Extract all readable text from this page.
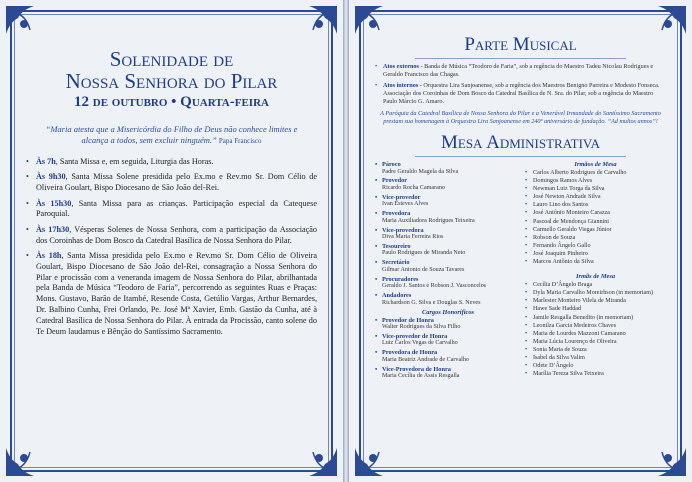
Solenidade de
Nossa Senhora do Pilar
12 de outubro • Quarta-feira
“Maria atesta que a Misericórdia do Filho de Deus não conhece limites e alcança a todos, sem excluir ninguém.” Papa Francisco
• Às 7h, Santa Missa e, em seguida, Liturgia das Horas.
• Às 9h30, Santa Missa Solene presidida pelo Ex.mo e Rev.mo Sr. Dom Célio de Oliveira Goulart, Bispo Diocesano de São João del-Rei.
• Às 15h30, Santa Missa para as crianças. Participação especial da Catequese Paroquial.
• Às 17h30, Vésperas Solenes de Nossa Senhora, com a participação da Associação dos Coroinhas de Dom Bosco da Catedral Basílica de Nossa Senhora do Pilar.
• Às 18h, Santa Missa presidida pelo Ex.mo e Rev.mo Sr. Dom Célio de Oliveira Goulart, Bispo Diocesano de São João del-Rei, consagração a Nossa Senhora do Pilar e procissão com a veneranda imagem de Nossa Senhora do Pilar, abrilhantada pela Banda de Música “Teodoro de Faria”, percorrendo as seguintes Ruas e Praças: Mons. Gustavo, Barão de Itambé, Resende Costa, Getúlio Vargas, Arthur Bernardes, Dr. Balbino Cunha, Frei Orlando, Pe. José Mª Xavier, Emb. Gastão da Cunha, até à Catedral Basílica de Nossa Senhora do Pilar. À entrada da Procissão, canto solene do Te Deum laudamus e Bênção do Santíssimo Sacramento.
Parte Musical
• Atos externos - Banda de Música “Teodoro de Faria”, sob a regência do Maestro Tadeu Nicolau Rodrigues e Geraldo Francisco das Chagas.
• Atos internos - Orquestra Lira Sanjoanense, sob a regência dos Maestros Benigno Parreira e Modesto Fonseca. Associação dos Coroinhas de Dom Bosco da Catedral Basílica de N. Sra. do Pilar, sob a regência do Maestro Paulo Márcio G. Amaro.
A Paróquia da Catedral Basílica de Nossa Senhora do Pilar e a Venerável Irmandade do Santíssimo Sacramento prestam sua homenagem à Orquestra Lira Sanjoanense em 240º aniversário de fundação. “Ad multos annos”!
Mesa Administrativa
• Pároco
Padre Geraldo Magela da Silva
• Provedor
Ricardo Rocha Camarano
• Vice-provedor
Ivan Esteves Alves
• Provedora
Maria Auxiliadora Rodrigues Teixeira
• Vice-provedora
Diva Maria Ferreira Rios
• Tesoureiro
Paulo Rodrigues de Miranda Neto
• Secretário
Gilmar Antonio de Souza Tavares
• Procuradores
Geraldo J. Santos e Robson J. Vasconcelos
• Andadores
Richardson G. Silva e Douglas S. Neves
Cargos Honoríficos
• Provedor de Honra
Walter Rodrigues da Silva Filho
• Vice-provedor de Honra
Luiz Carlos Vegas de Carvalho
• Provedora de Honra
Maria Beatriz Andrade de Carvalho
• Vice-Provedora de Honra
Maria Cecília de Assis Resgalla
Irmãos de Mesa
• Carlos Alberto Rodrigues de Carvalho
• Domingos Ramos Alves
• Newman Luiz Torga da Silva
• José Newton Andrade Silva
• Lauro Lino dos Santos
• José Antônio Monteiro Carazza
• Pascoal de Mendonça Giannini
• Carmello Geraldo Viegas Júnior
• Robson de Souza
• Fernando Ângelo Gallo
• José Joaquim Pinheiro
• Marcos Antônio da Silva
Irmãs de Mesa
• Cecília D’Ângelo Braga
• Dyla Maria Carvalho Moreirhson (in memoriam)
• Marlester Monteiro Vilela de Miranda
• Hawe Sade Haddad
• Jamile Resgalla Benedito (in memoriam)
• Leonilza Garcia Medeiros Chaves
• Maria de Lourdes Mazzoni Camarano
• Maria Lúcia Lourenço de Oliveira
• Sonia Maria de Souza
• Isabel da Silva Valim
• Odete D’Ângelo
• Marília Tereza Silva Teixeira
